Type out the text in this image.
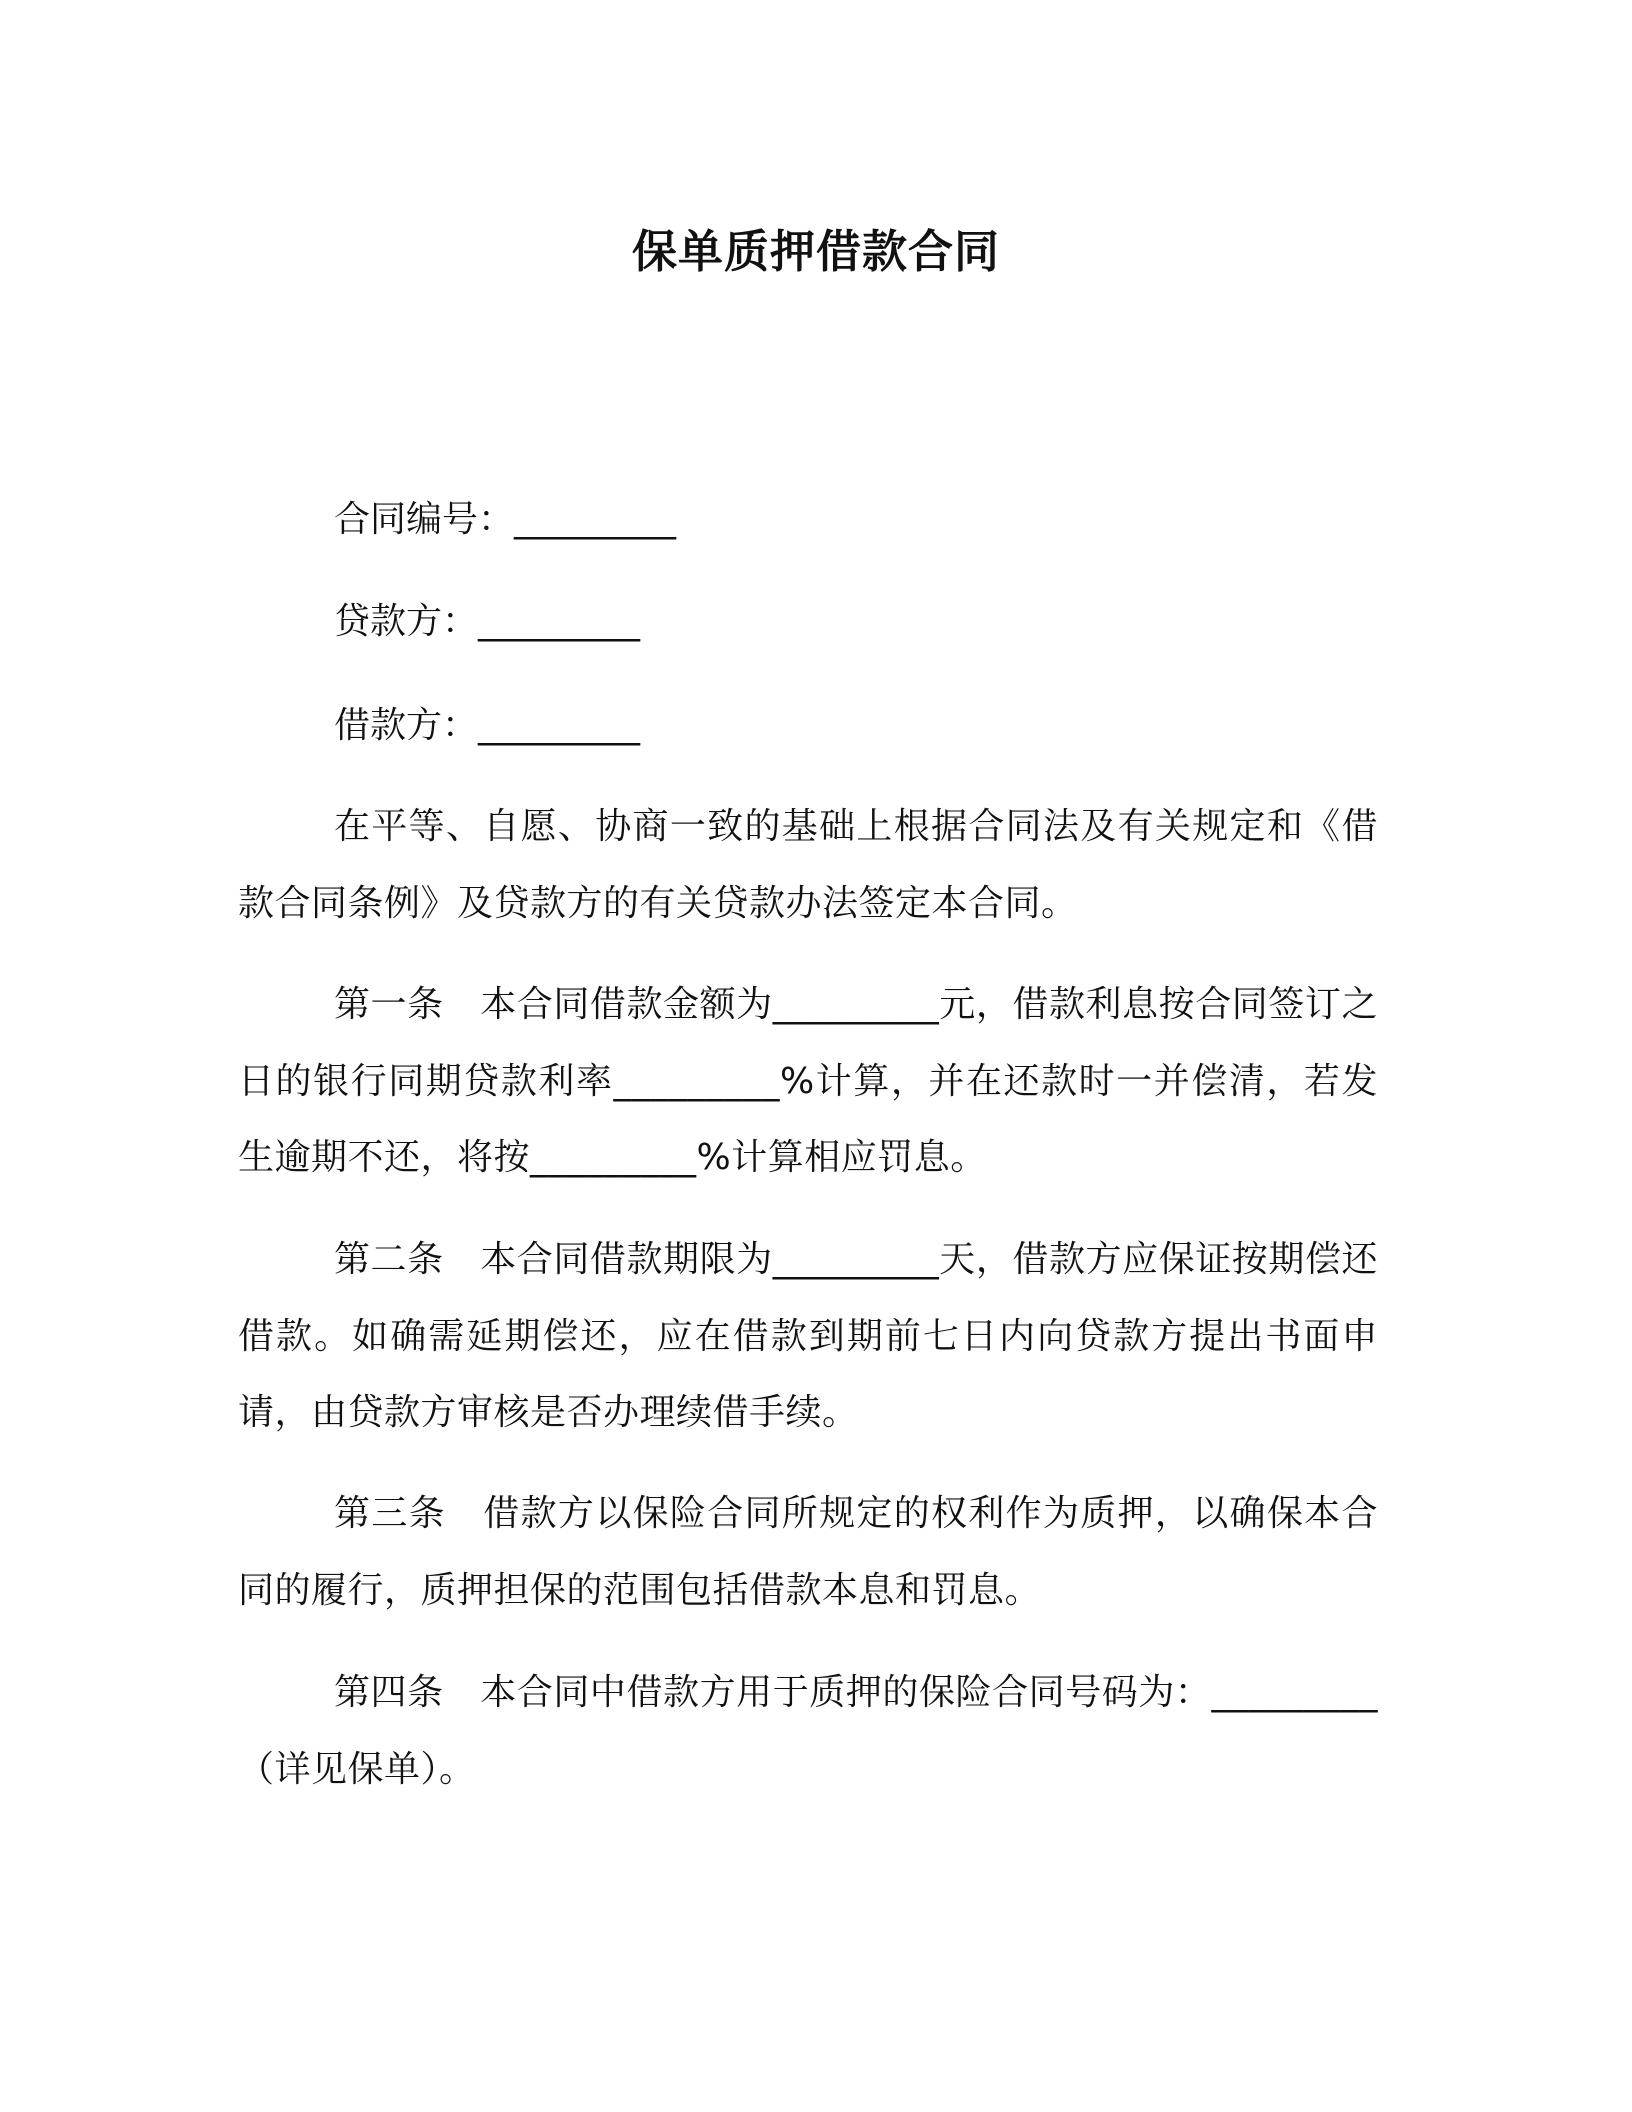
保单质押借款合同
合同编号：_________
贷款方：_________
借款方：_________
在平等、自愿、协商一致的基础上根据合同法及有关规定和《借款合同条例》及贷款方的有关贷款办法签定本合同。
第一条　本合同借款金额为_________元，借款利息按合同签订之日的银行同期贷款利率_________%计算，并在还款时一并偿清，若发生逾期不还，将按_________%计算相应罚息。
第二条　本合同借款期限为_________天，借款方应保证按期偿还借款。如确需延期偿还，应在借款到期前七日内向贷款方提出书面申请，由贷款方审核是否办理续借手续。
第三条　借款方以保险合同所规定的权利作为质押，以确保本合同的履行，质押担保的范围包括借款本息和罚息。
第四条　本合同中借款方用于质押的保险合同号码为：_________（详见保单）。
